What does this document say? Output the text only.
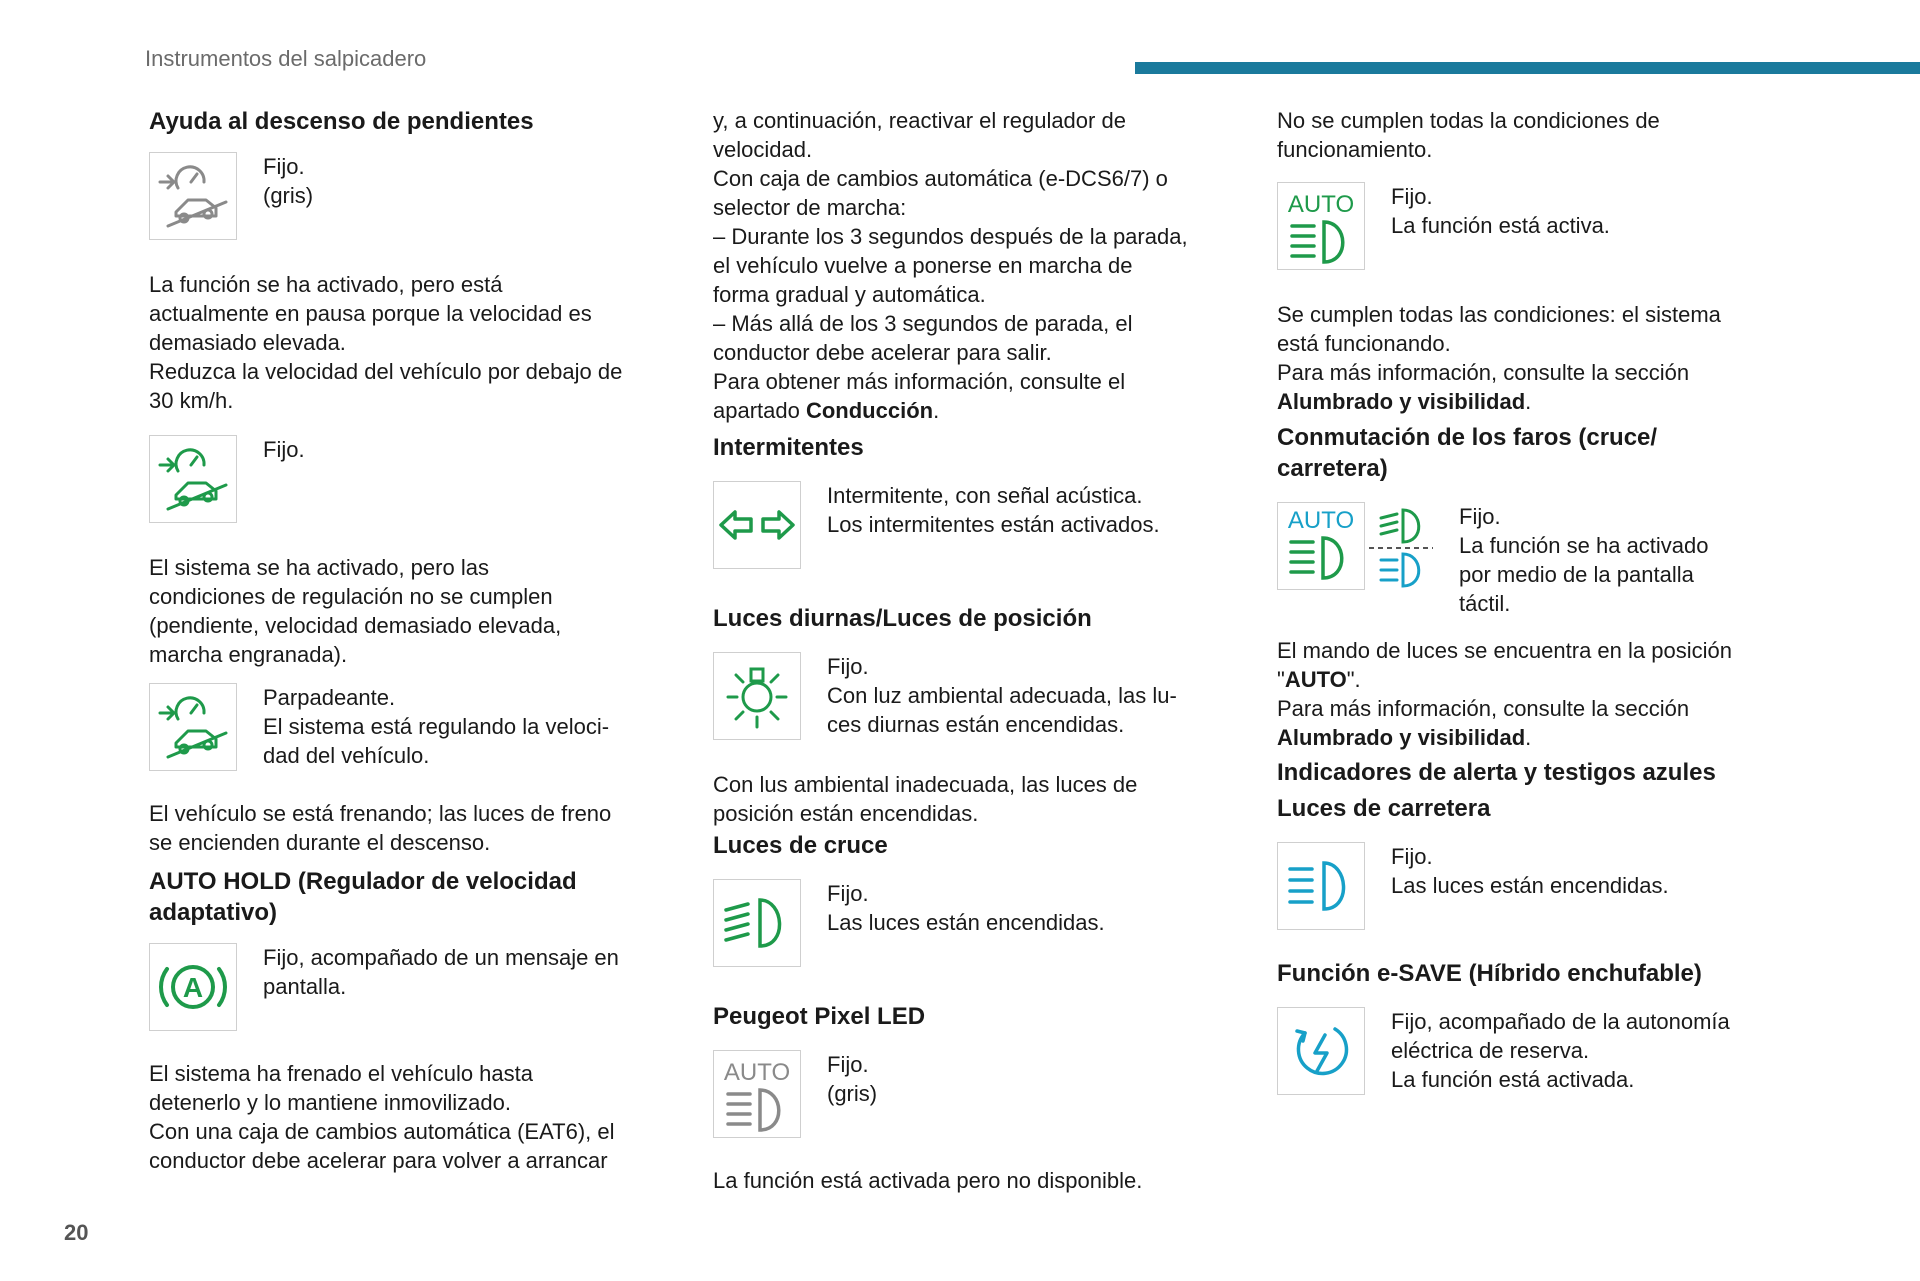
Instrumentos del salpicadero

Ayuda al descenso de pendientes

Fijo.

(gris)

La función se ha activado, pero está

actualmente en pausa porque la velocidad es

demasiado elevada.

Reduzca la velocidad del vehículo por debajo de

30 km/h.

Fijo.

El sistema se ha activado, pero las

condiciones de regulación no se cumplen

(pendiente, velocidad demasiado elevada,

marcha engranada).

Parpadeante.

El sistema está regulando la veloci-

dad del vehículo.

El vehículo se está frenando; las luces de freno

se encienden durante el descenso.

AUTO HOLD (Regulador de velocidad

adaptativo)

A

Fijo, acompañado de un mensaje en

pantalla.

El sistema ha frenado el vehículo hasta

detenerlo y lo mantiene inmovilizado.

Con una caja de cambios automática (EAT6), el

conductor debe acelerar para volver a arrancar

y, a continuación, reactivar el regulador de

velocidad.

Con caja de cambios automática (e-DCS6/7) o

selector de marcha:

– Durante los 3 segundos después de la parada,

el vehículo vuelve a ponerse en marcha de

forma gradual y automática.

– Más allá de los 3 segundos de parada, el

conductor debe acelerar para salir.

Para obtener más información, consulte el

apartado Conducción.

Intermitentes

Intermitente, con señal acústica.

Los intermitentes están activados.

Luces diurnas/Luces de posición

Fijo.

Con luz ambiental adecuada, las lu-

ces diurnas están encendidas.

Con lus ambiental inadecuada, las luces de

posición están encendidas.

Luces de cruce

Fijo.

Las luces están encendidas.

Peugeot Pixel LED

AUTO Fijo.

(gris)

La función está activada pero no disponible.

No se cumplen todas la condiciones de

funcionamiento.

AUTO Fijo.

La función está activa.

Se cumplen todas las condiciones: el sistema

está funcionando.

Para más información, consulte la sección

Alumbrado y visibilidad.

Conmutación de los faros (cruce/

carretera)

AUTO	Fijo.

La función se ha activado

por medio de la pantalla

táctil.

El mando de luces se encuentra en la posición

"AUTO".

Para más información, consulte la sección

Alumbrado y visibilidad.

Indicadores de alerta y testigos azules

Luces de carretera

Fijo.

Las luces están encendidas.

Función e-SAVE (Híbrido enchufable)

Fijo, acompañado de la autonomía

eléctrica de reserva.

La función está activada.

20
